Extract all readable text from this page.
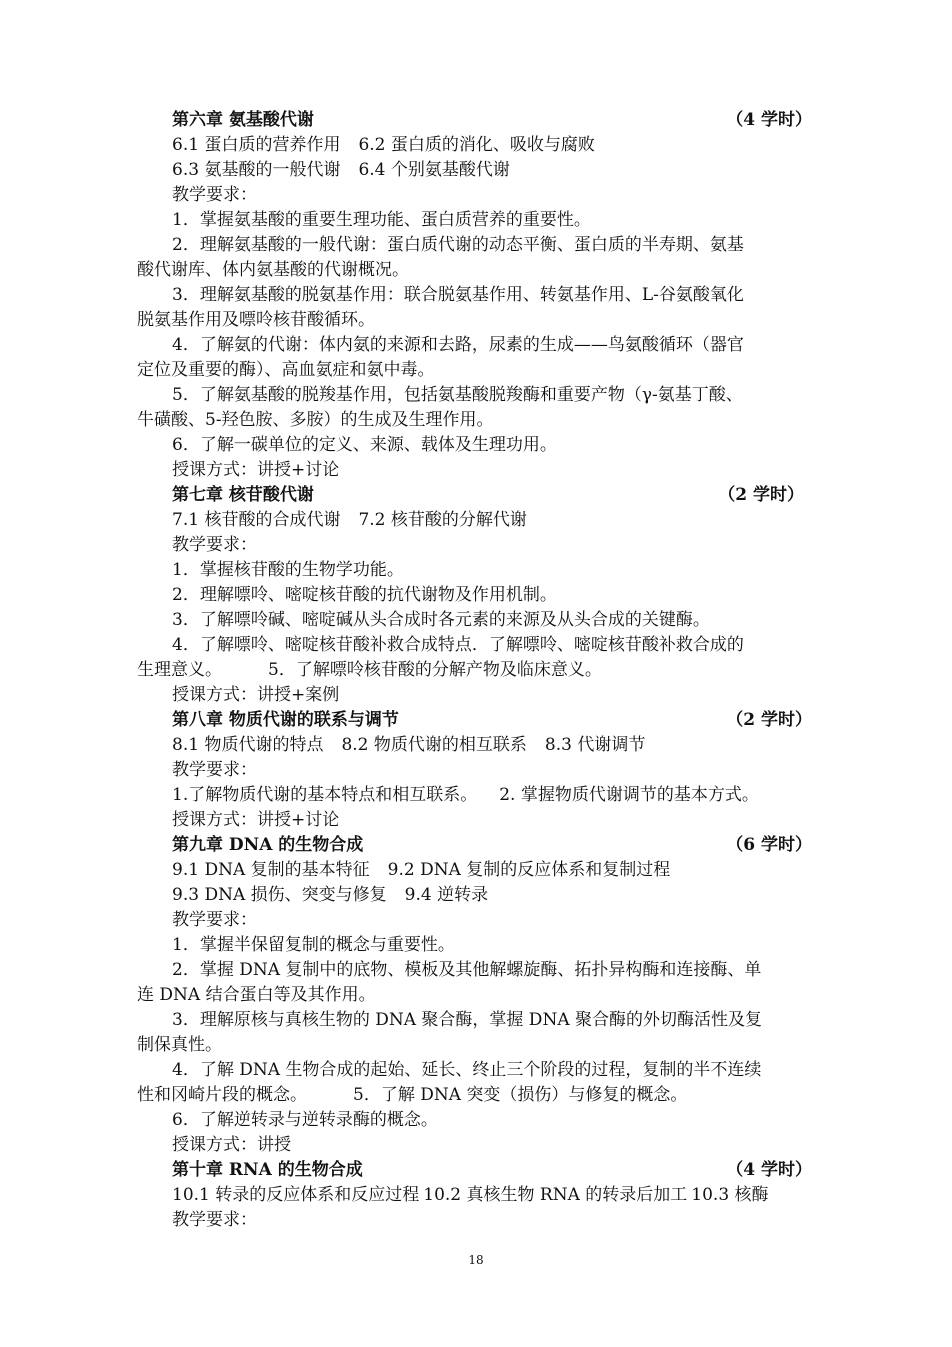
第六章 氨基酸代谢	（4 学时）
6.1 蛋白质的营养作用 6.2 蛋白质的消化、吸收与腐败
6.3 氨基酸的一般代谢 6.4 个别氨基酸代谢
教学要求：
1．掌握氨基酸的重要生理功能、蛋白质营养的重要性。
2．理解氨基酸的一般代谢：蛋白质代谢的动态平衡、蛋白质的半寿期、氨基
酸代谢库、体内氨基酸的代谢概况。
3．理解氨基酸的脱氨基作用：联合脱氨基作用、转氨基作用、L-谷氨酸氧化
脱氨基作用及嘌呤核苷酸循环。
4．了解氨的代谢：体内氨的来源和去路，尿素的生成——鸟氨酸循环（器官
定位及重要的酶）、高血氨症和氨中毒。
5．了解氨基酸的脱羧基作用，包括氨基酸脱羧酶和重要产物（γ-氨基丁酸、
牛磺酸、5-羟色胺、多胺）的生成及生理作用。
6．了解一碳单位的定义、来源、载体及生理功用。
授课方式：讲授+讨论
第七章 核苷酸代谢	（2 学时）
7.1 核苷酸的合成代谢 7.2 核苷酸的分解代谢
教学要求：
1．掌握核苷酸的生物学功能。
2．理解嘌呤、嘧啶核苷酸的抗代谢物及作用机制。
3．了解嘌呤碱、嘧啶碱从头合成时各元素的来源及从头合成的关键酶。
4．了解嘌呤、嘧啶核苷酸补救合成特点．了解嘌呤、嘧啶核苷酸补救合成的
生理意义。	5．了解嘌呤核苷酸的分解产物及临床意义。
授课方式：讲授+案例
第八章 物质代谢的联系与调节	（2 学时）
8.1 物质代谢的特点 8.2 物质代谢的相互联系 8.3 代谢调节
教学要求：
1.了解物质代谢的基本特点和相互联系。 2. 掌握物质代谢调节的基本方式。
授课方式：讲授+讨论
第九章 DNA 的生物合成	（6 学时）
9.1 DNA 复制的基本特征 9.2 DNA 复制的反应体系和复制过程
9.3 DNA 损伤、突变与修复 9.4 逆转录
教学要求：
1．掌握半保留复制的概念与重要性。
2．掌握 DNA 复制中的底物、模板及其他解螺旋酶、拓扑异构酶和连接酶、单
连 DNA 结合蛋白等及其作用。
3．理解原核与真核生物的 DNA 聚合酶，掌握 DNA 聚合酶的外切酶活性及复
制保真性。
4．了解 DNA 生物合成的起始、延长、终止三个阶段的过程，复制的半不连续
性和冈崎片段的概念。	5．了解 DNA 突变（损伤）与修复的概念。
6．了解逆转录与逆转录酶的概念。
授课方式：讲授
第十章 RNA 的生物合成	（4 学时）
10.1 转录的反应体系和反应过程 10.2 真核生物 RNA 的转录后加工 10.3 核酶
教学要求：
18
